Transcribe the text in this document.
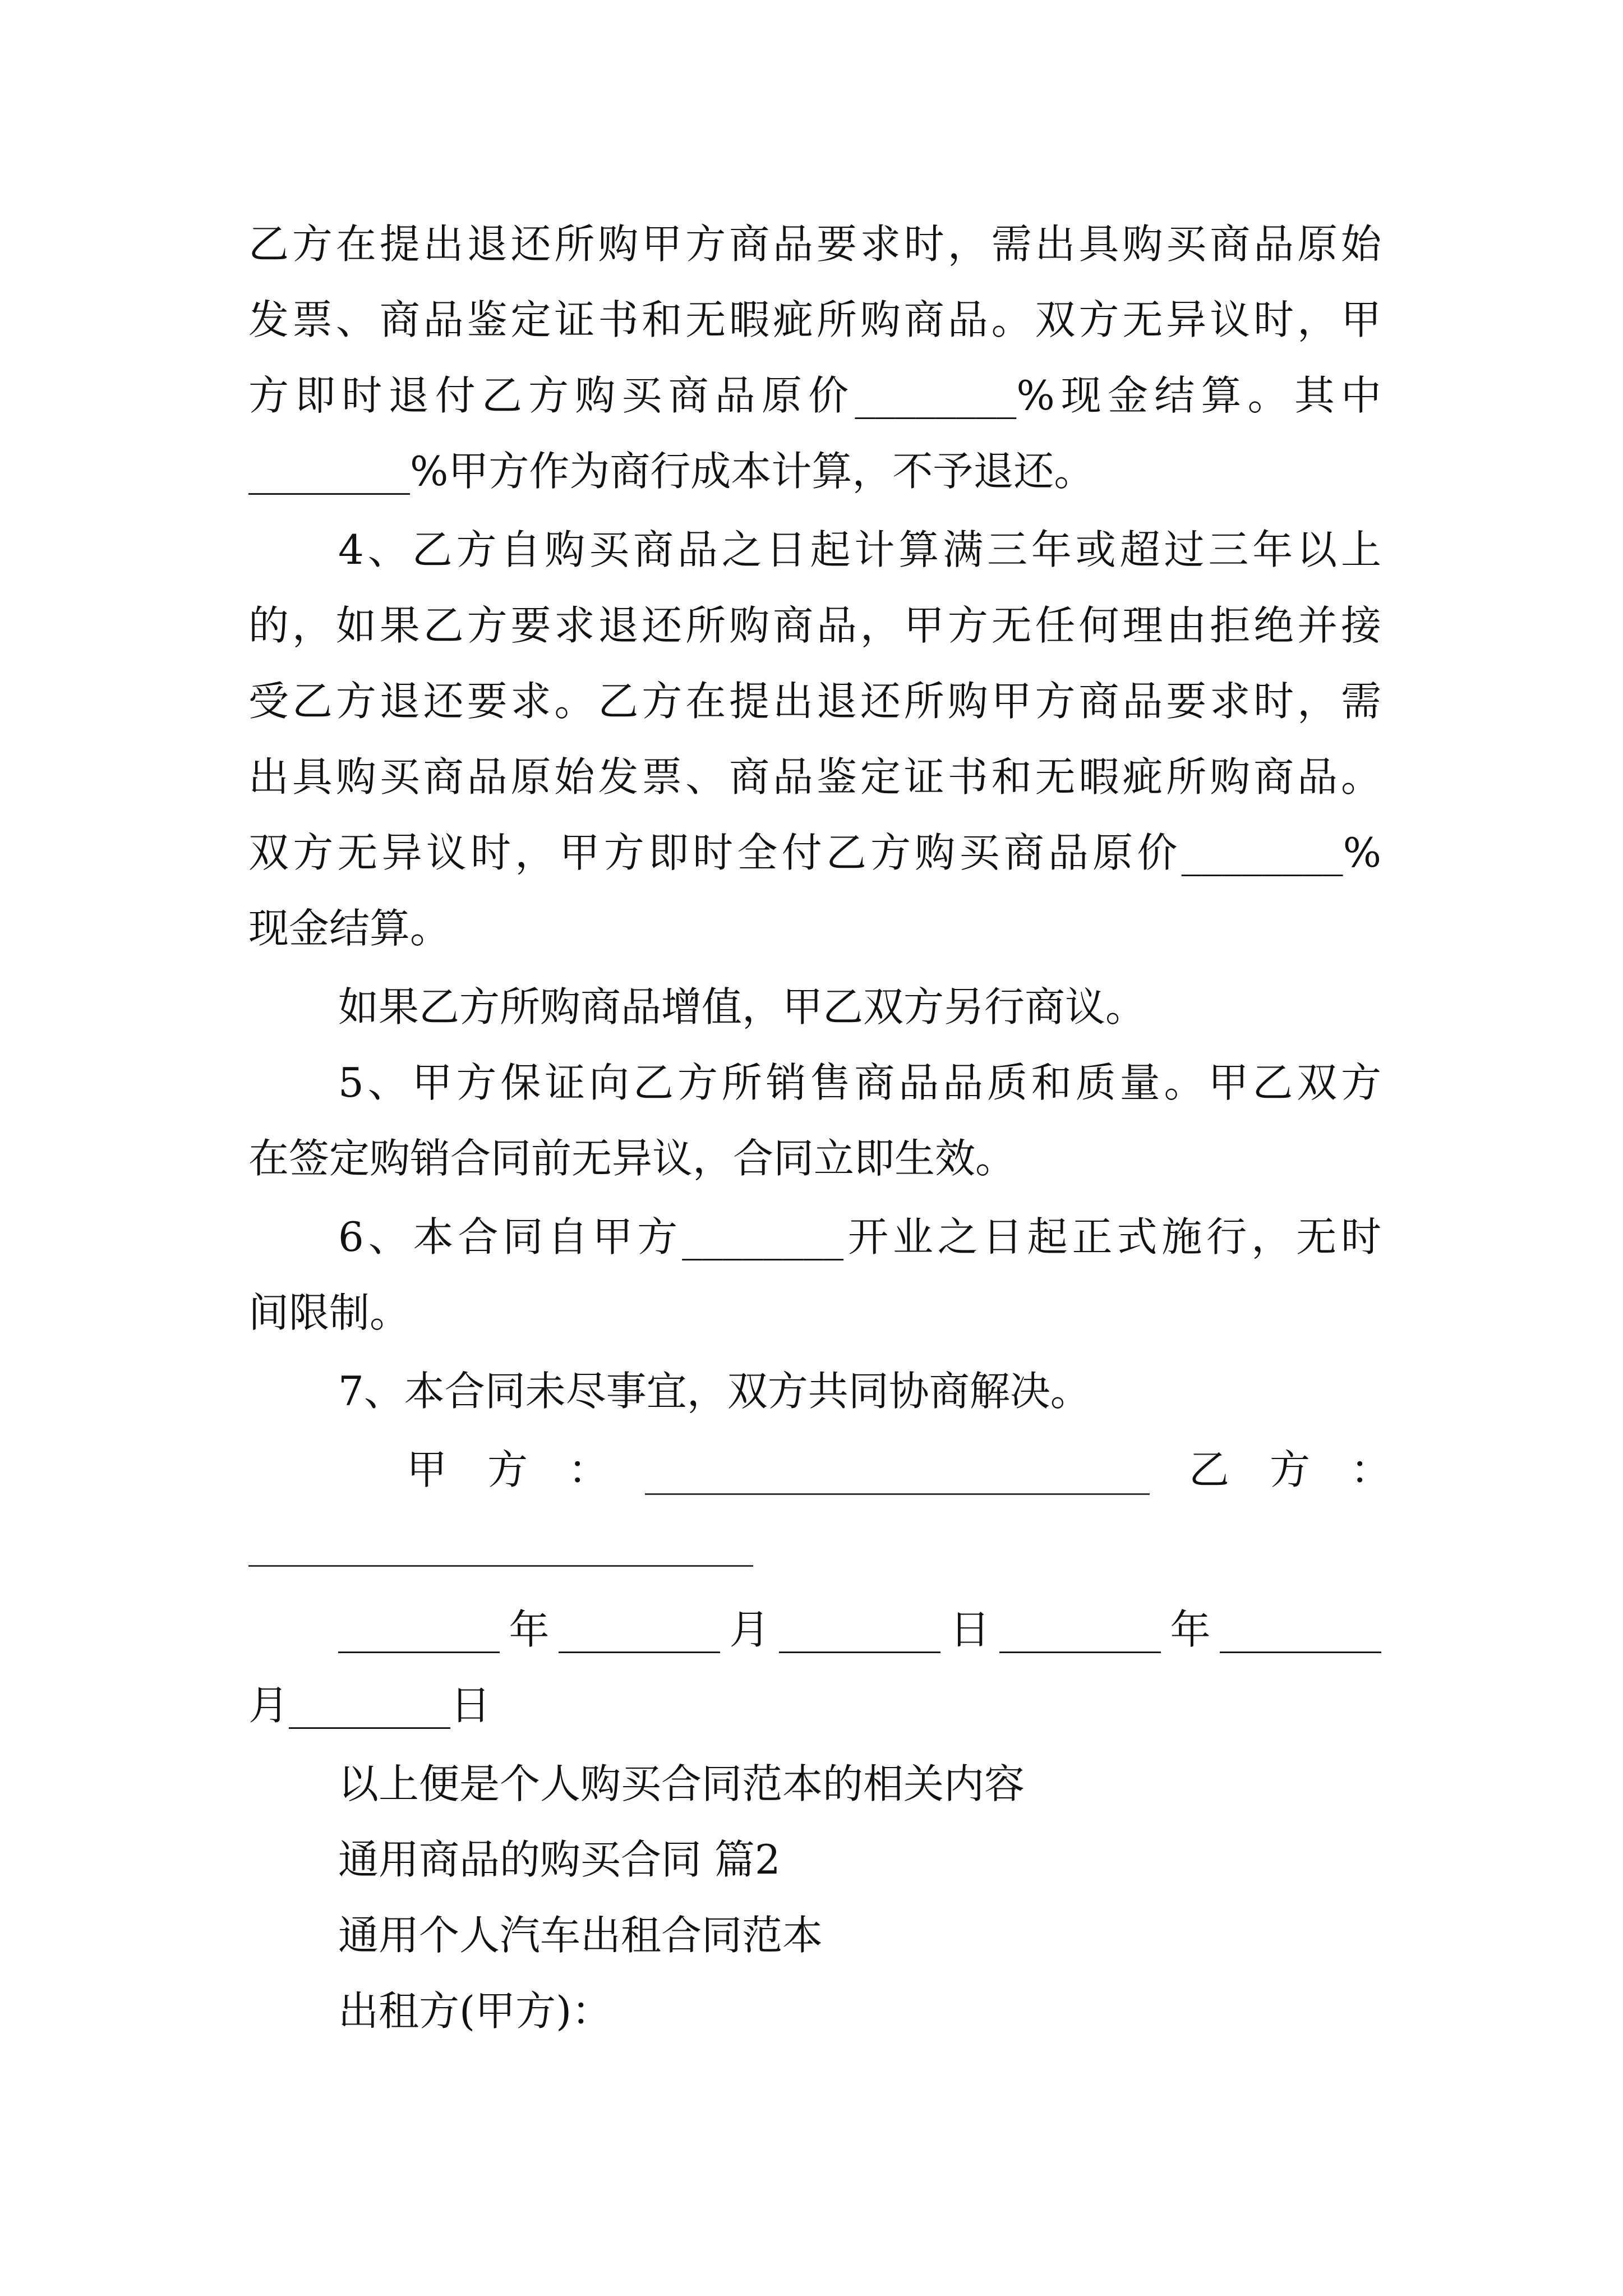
乙方在提出退还所购甲方商品要求时，需出具购买商品原始
发票、商品鉴定证书和无暇疵所购商品。双方无异议时，甲
方即时退付乙方购买商品原价________%现金结算。其中
________%甲方作为商行成本计算，不予退还。
4、乙方自购买商品之日起计算满三年或超过三年以上
的，如果乙方要求退还所购商品，甲方无任何理由拒绝并接
受乙方退还要求。乙方在提出退还所购甲方商品要求时，需
出具购买商品原始发票、商品鉴定证书和无暇疵所购商品。
双方无异议时，甲方即时全付乙方购买商品原价________%
现金结算。
如果乙方所购商品增值，甲乙双方另行商议。
5、甲方保证向乙方所销售商品品质和质量。甲乙双方
在签定购销合同前无异议，合同立即生效。
6、本合同自甲方________开业之日起正式施行，无时
间限制。
7、本合同未尽事宜，双方共同协商解决。
甲　方　：	乙　方　：
________年________月________日________年________
月________日
以上便是个人购买合同范本的相关内容
通用商品的购买合同 篇2
通用个人汽车出租合同范本
出租方(甲方)：
